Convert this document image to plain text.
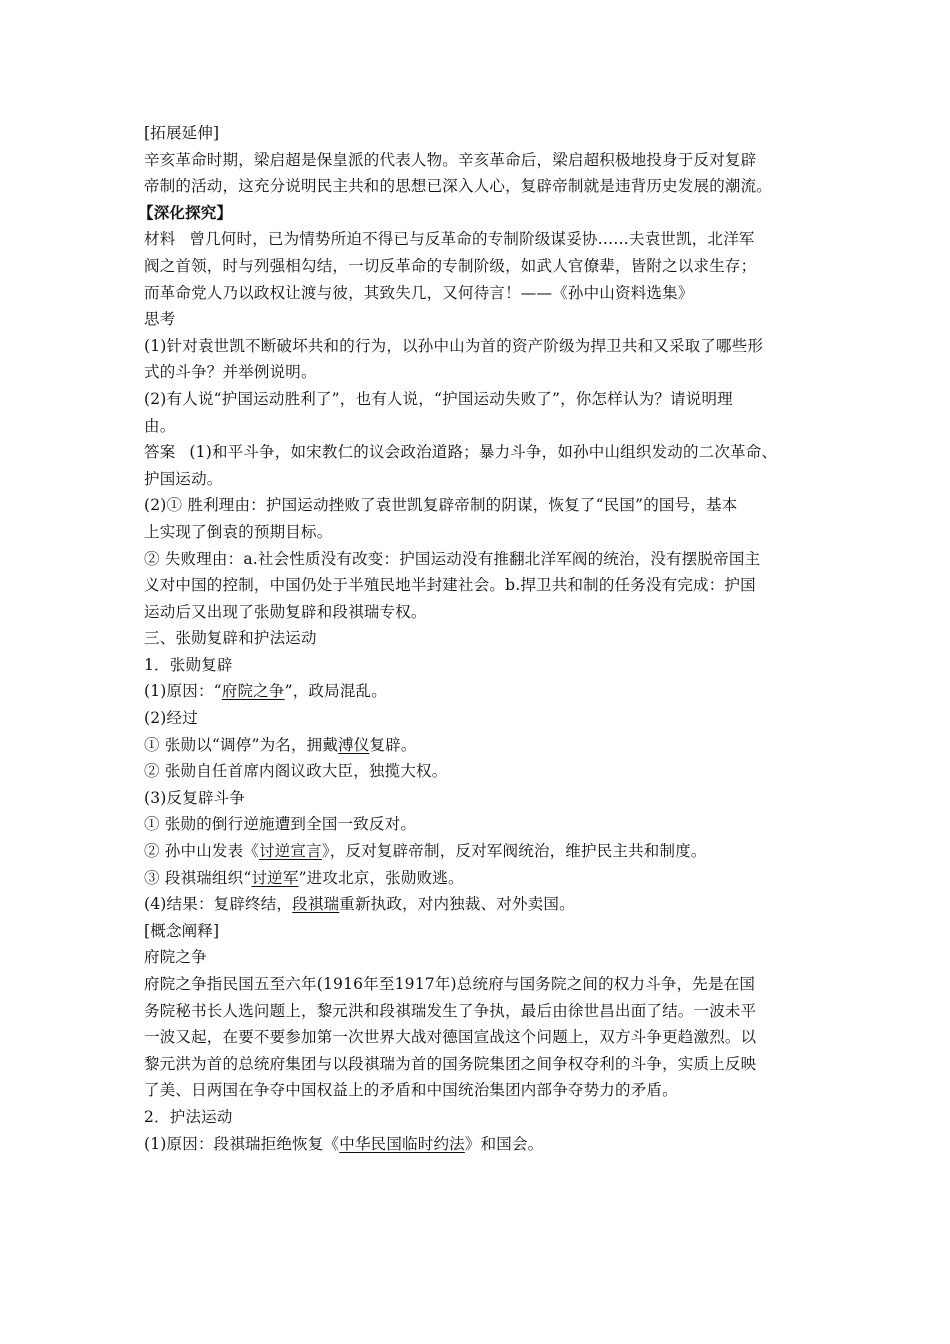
[拓展延伸]
辛亥革命时期，梁启超是保皇派的代表人物。辛亥革命后，梁启超积极地投身于反对复辟
帝制的活动，这充分说明民主共和的思想已深入人心，复辟帝制就是违背历史发展的潮流。
【深化探究】
材料 曾几何时，已为情势所迫不得已与反革命的专制阶级谋妥协……夫袁世凯，北洋军
阀之首领，时与列强相勾结，一切反革命的专制阶级，如武人官僚辈，皆附之以求生存；
而革命党人乃以政权让渡与彼，其致失几，又何待言！——《孙中山资料选集》
思考
(1)针对袁世凯不断破坏共和的行为，以孙中山为首的资产阶级为捍卫共和又采取了哪些形
式的斗争？并举例说明。
(2)有人说“护国运动胜利了”，也有人说，“护国运动失败了”，你怎样认为？请说明理
由。
答案 (1)和平斗争，如宋教仁的议会政治道路；暴力斗争，如孙中山组织发动的二次革命、
护国运动。
(2)① 胜利理由：护国运动挫败了袁世凯复辟帝制的阴谋，恢复了“民国”的国号，基本
上实现了倒袁的预期目标。
② 失败理由：a.社会性质没有改变：护国运动没有推翻北洋军阀的统治，没有摆脱帝国主
义对中国的控制，中国仍处于半殖民地半封建社会。b.捍卫共和制的任务没有完成：护国
运动后又出现了张勋复辟和段祺瑞专权。
三、张勋复辟和护法运动
1．张勋复辟
(1)原因：“府院之争”，政局混乱。
(2)经过
① 张勋以“调停”为名，拥戴溥仪复辟。
② 张勋自任首席内阁议政大臣，独揽大权。
(3)反复辟斗争
① 张勋的倒行逆施遭到全国一致反对。
② 孙中山发表《讨逆宣言》，反对复辟帝制，反对军阀统治，维护民主共和制度。
③ 段祺瑞组织“讨逆军”进攻北京，张勋败逃。
(4)结果：复辟终结，段祺瑞重新执政，对内独裁、对外卖国。
[概念阐释]
府院之争
府院之争指民国五至六年(1916年至1917年)总统府与国务院之间的权力斗争，先是在国
务院秘书长人选问题上，黎元洪和段祺瑞发生了争执，最后由徐世昌出面了结。一波未平
一波又起，在要不要参加第一次世界大战对德国宣战这个问题上，双方斗争更趋激烈。以
黎元洪为首的总统府集团与以段祺瑞为首的国务院集团之间争权夺利的斗争，实质上反映
了美、日两国在争夺中国权益上的矛盾和中国统治集团内部争夺势力的矛盾。
2．护法运动
(1)原因：段祺瑞拒绝恢复《中华民国临时约法》和国会。
